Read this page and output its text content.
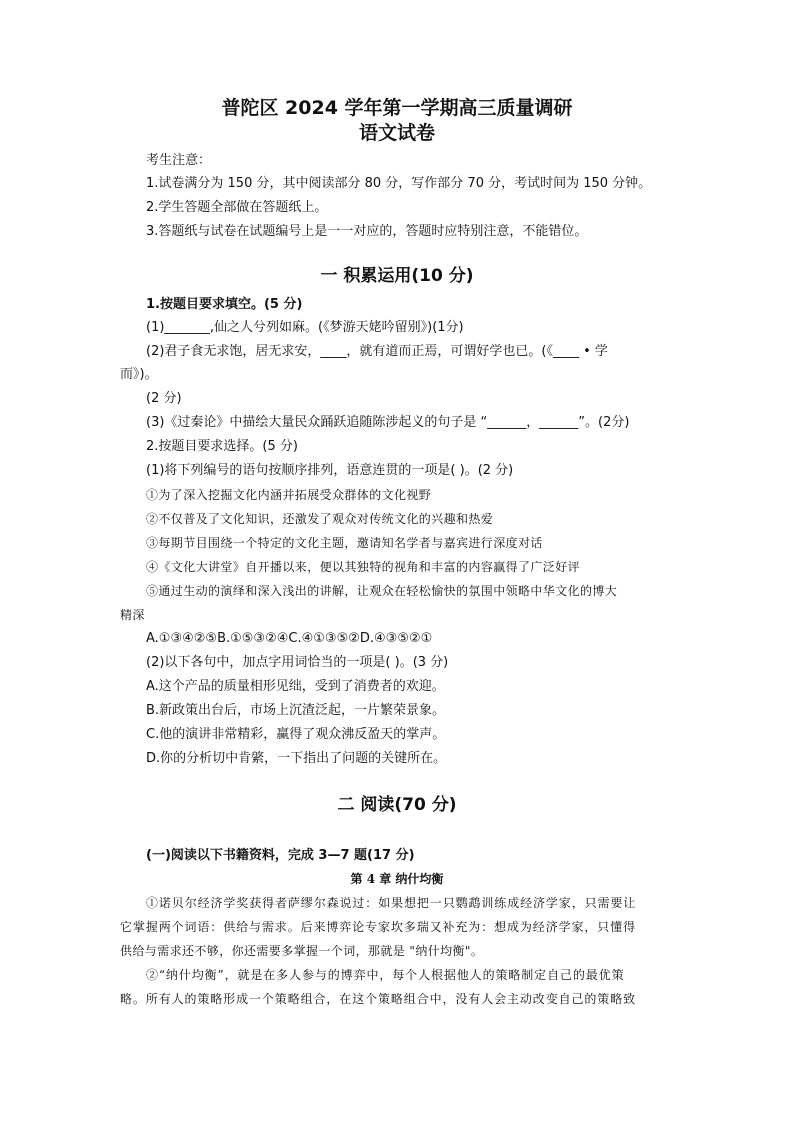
普陀区 2024 学年第一学期高三质量调研
语文试卷
考生注意：
1.试卷满分为 150 分，其中阅读部分 80 分，写作部分 70 分，考试时间为 150 分钟。
2.学生答题全部做在答题纸上。
3.答题纸与试卷在试题编号上是一一对应的，答题时应特别注意，不能错位。
一 积累运用(10 分)
1.按题目要求填空。(5 分)
(1)_______,仙之人兮列如麻。(《梦游天姥吟留别》)(1分)
(2)君子食无求饱，居无求安，____，就有道而正焉，可谓好学也已。(《____ • 学
而》)。
(2 分)
(3)《过秦论》中描绘大量民众踊跃追随陈涉起义的句子是 “______，______”。(2分)
2.按题目要求选择。(5 分)
(1)将下列编号的语句按顺序排列，语意连贯的一项是( )。(2 分)
①为了深入挖掘文化内涵并拓展受众群体的文化视野
②不仅普及了文化知识，还激发了观众对传统文化的兴趣和热爱
③每期节目围绕一个特定的文化主题，邀请知名学者与嘉宾进行深度对话
④《文化大讲堂》自开播以来，便以其独特的视角和丰富的内容赢得了广泛好评
⑤通过生动的演绎和深入浅出的讲解，让观众在轻松愉快的氛围中领略中华文化的博大
精深
A.①③④②⑤B.①⑤③②④C.④①③⑤②D.④③⑤②①
(2)以下各句中，加点字用词恰当的一项是( )。(3 分)
A.这个产品的质量相形见绌，受到了消费者的欢迎。
B.新政策出台后，市场上沉渣泛起，一片繁荣景象。
C.他的演讲非常精彩，赢得了观众沸反盈天的掌声。
D.你的分析切中肯綮，一下指出了问题的关键所在。
二 阅读(70 分)
(一)阅读以下书籍资料，完成 3—7 题(17 分)
第 4 章 纳什均衡
①诺贝尔经济学奖获得者萨缪尔森说过：如果想把一只鹦鹉训练成经济学家，只需要让
它掌握两个词语：供给与需求。后来博弈论专家坎多瑞又补充为：想成为经济学家，只懂得
供给与需求还不够，你还需要多掌握一个词，那就是 "纳什均衡"。
②“纳什均衡”，就是在多人参与的博弈中，每个人根据他人的策略制定自己的最优策
略。所有人的策略形成一个策略组合，在这个策略组合中，没有人会主动改变自己的策略致
